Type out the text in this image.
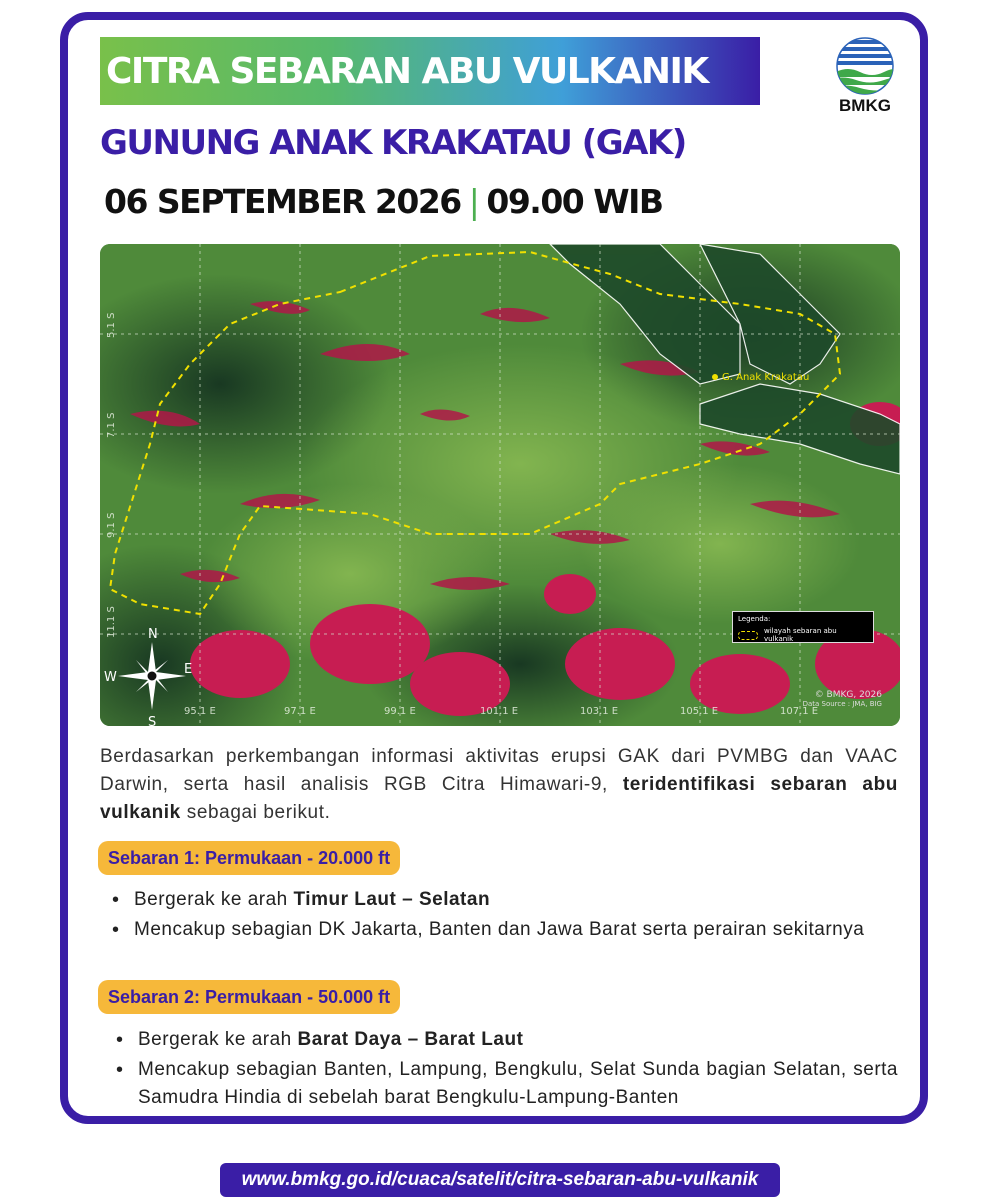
CITRA SEBARAN ABU VULKANIK
BMKG
GUNUNG ANAK KRAKATAU (GAK)
06 SEPTEMBER 2026 | 09.00 WIB
G. Anak Krakatau
95.1 E	97.1 E	99.1 E	101.1 E	103.1 E	105.1 E	107.1 E
5.1 S
7.1 S
9.1 S
11.1 S N
S
E
W
Legenda:
wilayah sebaran abu vulkanik
© BMKG, 2026
Data Source : JMA, BIG
Berdasarkan perkembangan informasi aktivitas erupsi GAK dari PVMBG dan VAAC Darwin, serta hasil analisis RGB Citra Himawari-9, teridentifikasi sebaran abu vulkanik sebagai berikut.
Sebaran 1: Permukaan - 20.000 ft
• Bergerak ke arah Timur Laut – Selatan
• Mencakup sebagian DK Jakarta, Banten dan Jawa Barat serta perairan sekitarnya
Sebaran 2: Permukaan - 50.000 ft
• Bergerak ke arah Barat Daya – Barat Laut
• Mencakup sebagian Banten, Lampung, Bengkulu, Selat Sunda bagian Selatan, serta Samudra Hindia di sebelah barat Bengkulu-Lampung-Banten
www.bmkg.go.id/cuaca/satelit/citra-sebaran-abu-vulkanik
